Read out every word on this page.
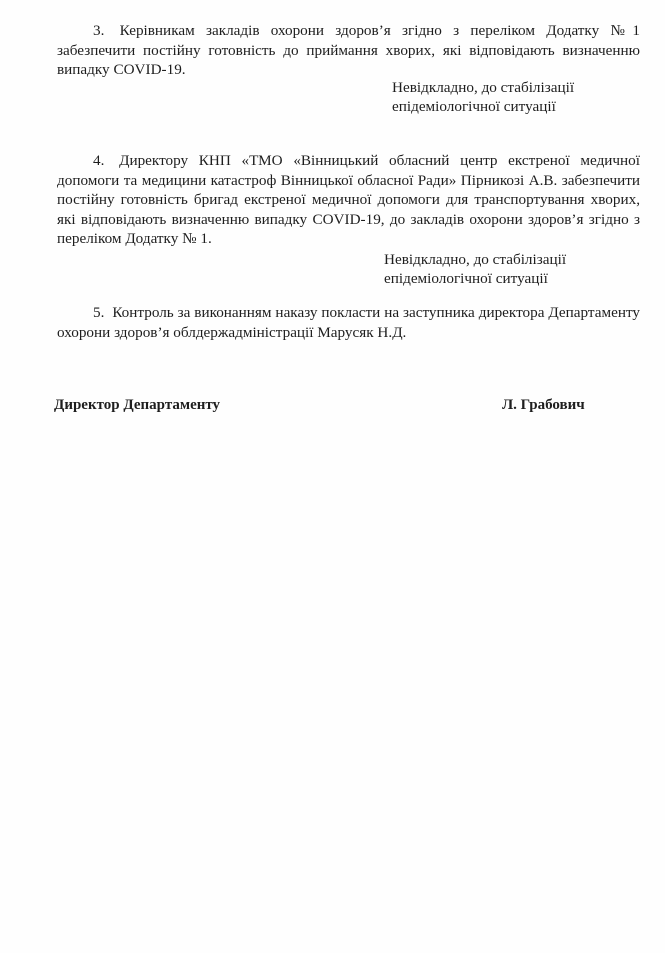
3. Керівникам закладів охорони здоров’я згідно з переліком Додатку №1 забезпечити постійну готовність до приймання хворих, які відповідають визначенню випадку COVID-19.

Невідкладно, до стабілізації
епідеміологічної ситуації

4. Директору КНП «ТМО «Вінницький обласний центр екстреної медичної допомоги та медицини катастроф Вінницької обласної Ради» Пірникозі А.В. забезпечити постійну готовність бригад екстреної медичної допомоги для транспортування хворих, які відповідають визначенню випадку COVID-19, до закладів охорони здоров’я згідно з переліком Додатку № 1.

Невідкладно, до стабілізації
епідеміологічної ситуації

5. Контроль за виконанням наказу покласти на заступника директора Департаменту охорони здоров’я облдержадміністрації Марусяк Н.Д.

Директор Департаменту	Л. Грабович
